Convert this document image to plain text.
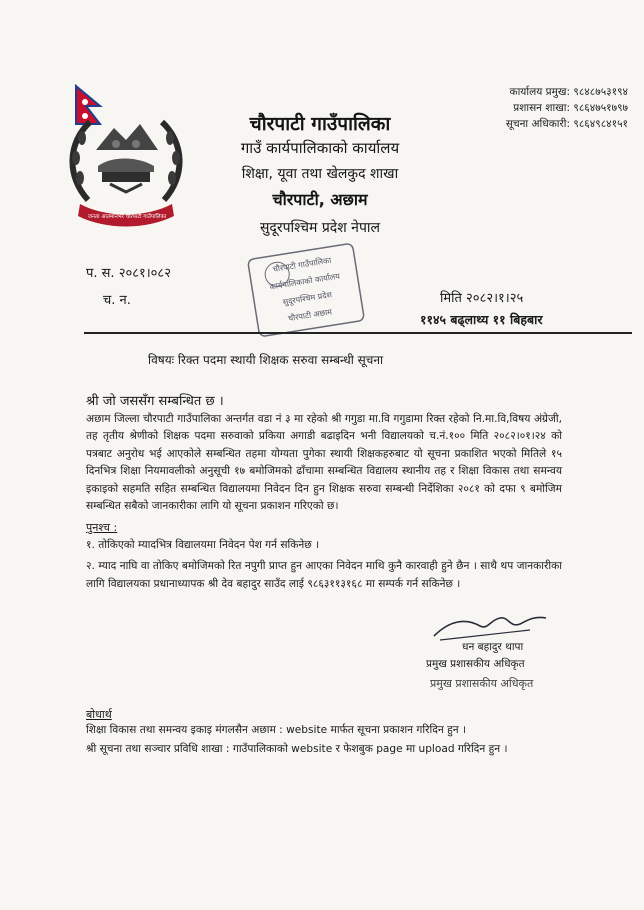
जनता आतमनिर्भर चौरपाटी गाउँपालिका
कार्यालय प्रमुख: ९८४८७५३१९४
प्रशासन शाखा: ९८६४७५१७९७
सूचना अधिकारी: ९८६४९८४१५१
चौरपाटी गाउँपालिका
गाउँ कार्यपालिकाको कार्यालय
शिक्षा, यूवा तथा खेलकुद शाखा
चौरपाटी, अछाम
सुदूरपश्चिम प्रदेश नेपाल
चौरपाटी गाउँपालिका
कार्यपालिकाको कार्यालय
सुदूरपश्चिम प्रदेश
चौरपाटी अछाम
प. स. २०८१।०८२
च. न.	मिति २०८२।१।२५
११४५ बढ्लाथ्य ११ बिहबार
विषयः रिक्त पदमा स्थायी शिक्षक सरुवा सम्बन्धी सूचना
श्री जो जससँग सम्बन्धित छ ।

अछाम जिल्ला चौरपाटी गाउँपालिका अन्तर्गत वडा नं ३ मा रहेको श्री गगुडा मा.वि गगुडामा रिक्त रहेको नि.मा.वि,विषय अंग्रेजी, तह तृतीय श्रेणीको शिक्षक पदमा सरुवाको प्रकिया अगाडी बढाइदिन भनी विद्यालयको च.नं.१०० मिति २०८२।०१।२४ को पत्रबाट अनुरोध भई आएकोले सम्बन्धित तहमा योग्यता पुगेका स्थायी शिक्षकहरुबाट यो सूचना प्रकाशित भएको मितिले १५ दिनभित्र शिक्षा नियमावलीको अनुसूची १७ बमोजिमको ढाँचामा सम्बन्धित विद्यालय स्थानीय तह र शिक्षा विकास तथा समन्वय इकाइको सहमति सहित सम्बन्धित विद्यालयमा निवेदन दिन हुन शिक्षक सरुवा सम्बन्धी निर्देशिका २०८१ को दफा ९ बमोजिम सम्बन्धित सबैको जानकारीका लागि यो सूचना प्रकाशन गरिएको छ।

पुनश्च :

१. तोकिएको म्यादभित्र विद्यालयमा निवेदन पेश गर्न सकिनेछ ।

२. म्याद नाघि वा तोकिए बमोजिमको रित नपुगी प्राप्त हुन आएका निवेदन माथि कुनै कारवाही हुने छैन । साथै थप जानकारीका लागि विद्यालयका प्रधानाध्यापक श्री देव बहादुर साउँद लाई ९८६३११३१६८ मा सम्पर्क गर्न सकिनेछ ।

धन बहादुर थापा
प्रमुख प्रशासकीय अधिकृत
प्रमुख प्रशासकीय अधिकृत
बोधार्थ
शिक्षा विकास तथा समन्वय इकाइ मंगलसैन अछाम : website मार्फत सूचना प्रकाशन गरिदिन हुन ।
श्री सूचना तथा सञ्चार प्रविधि शाखा : गाउँपालिकाको website र फेशबुक page मा upload गरिदिन हुन ।
